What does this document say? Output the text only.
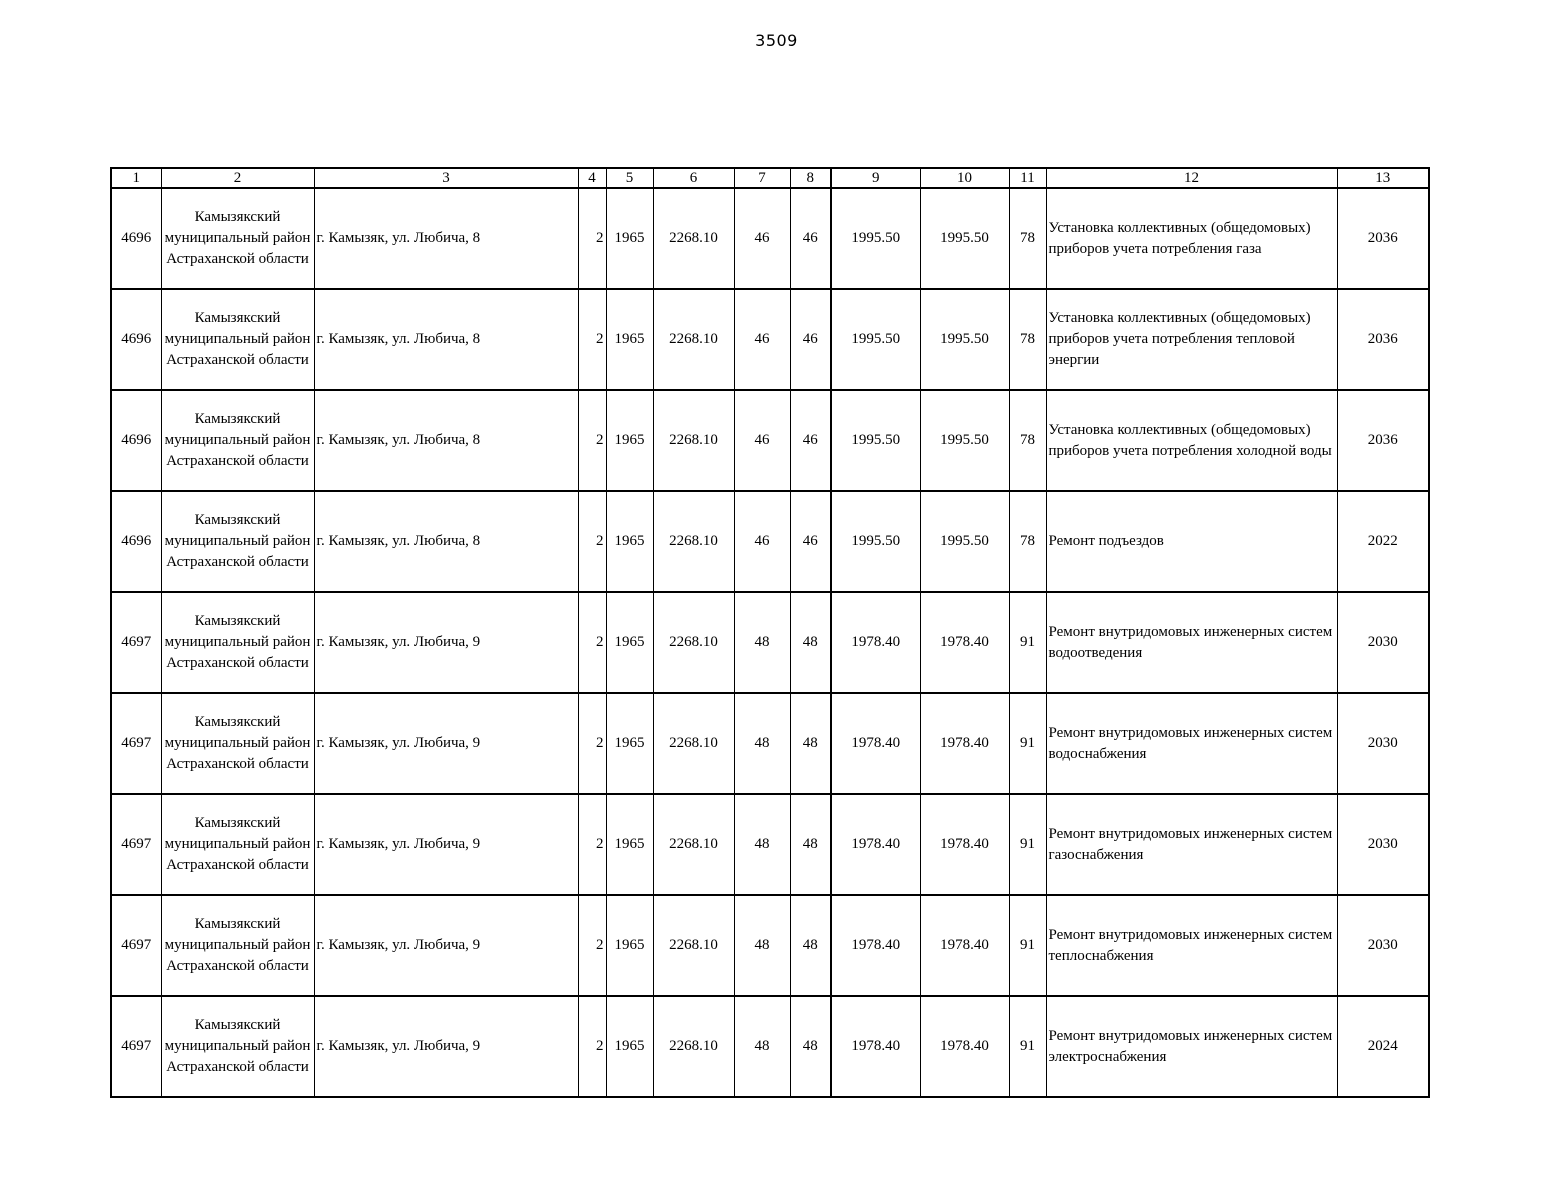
3509
1	2	3	4	5	6	7	8	9	10	11	12	13
4696	Камызякский муниципальный район Астраханской области	г. Камызяк, ул. Любича, 8	2	1965	2268.10	46	46	1995.50	1995.50	78	Установка коллективных (общедомовых) приборов учета потребления газа	2036
4696	Камызякский муниципальный район Астраханской области	г. Камызяк, ул. Любича, 8	2	1965	2268.10	46	46	1995.50	1995.50	78	Установка коллективных (общедомовых) приборов учета потребления тепловой энергии	2036
4696	Камызякский муниципальный район Астраханской области	г. Камызяк, ул. Любича, 8	2	1965	2268.10	46	46	1995.50	1995.50	78	Установка коллективных (общедомовых) приборов учета потребления холодной воды	2036
4696	Камызякский муниципальный район Астраханской области	г. Камызяк, ул. Любича, 8	2	1965	2268.10	46	46	1995.50	1995.50	78	Ремонт подъездов	2022
4697	Камызякский муниципальный район Астраханской области	г. Камызяк, ул. Любича, 9	2	1965	2268.10	48	48	1978.40	1978.40	91	Ремонт внутридомовых инженерных систем водоотведения	2030
4697	Камызякский муниципальный район Астраханской области	г. Камызяк, ул. Любича, 9	2	1965	2268.10	48	48	1978.40	1978.40	91	Ремонт внутридомовых инженерных систем водоснабжения	2030
4697	Камызякский муниципальный район Астраханской области	г. Камызяк, ул. Любича, 9	2	1965	2268.10	48	48	1978.40	1978.40	91	Ремонт внутридомовых инженерных систем газоснабжения	2030
4697	Камызякский муниципальный район Астраханской области	г. Камызяк, ул. Любича, 9	2	1965	2268.10	48	48	1978.40	1978.40	91	Ремонт внутридомовых инженерных систем теплоснабжения	2030
4697	Камызякский муниципальный район Астраханской области	г. Камызяк, ул. Любича, 9	2	1965	2268.10	48	48	1978.40	1978.40	91	Ремонт внутридомовых инженерных систем электроснабжения	2024
